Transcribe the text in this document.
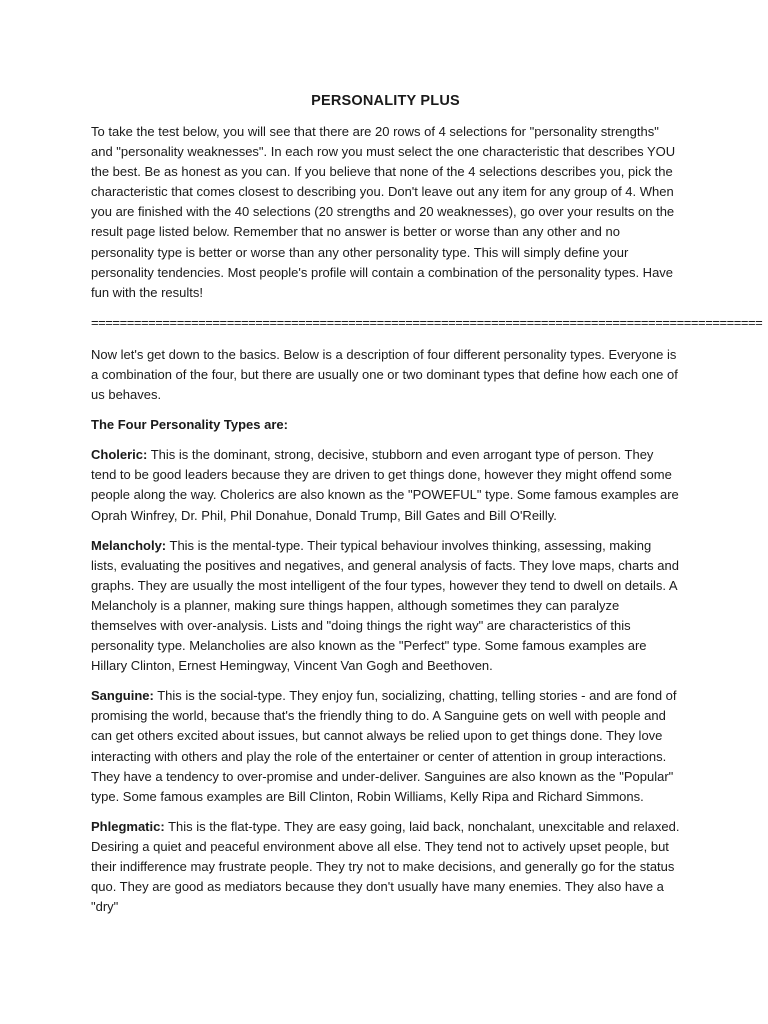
PERSONALITY PLUS

To take the test below, you will see that there are 20 rows of 4 selections for "personality strengths" and "personality weaknesses". In each row you must select the one characteristic that describes YOU the best. Be as honest as you can. If you believe that none of the 4 selections describes you, pick the characteristic that comes closest to describing you. Don't leave out any item for any group of 4. When you are finished with the 40 selections (20 strengths and 20 weaknesses), go over your results on the result page listed below. Remember that no answer is better or worse than any other and no personality type is better or worse than any other personality type. This will simply define your personality tendencies. Most people's profile will contain a combination of the personality types. Have fun with the results!

==============================================================================================

Now let's get down to the basics. Below is a description of four different personality types. Everyone is a combination of the four, but there are usually one or two dominant types that define how each one of us behaves.

The Four Personality Types are:

Choleric: This is the dominant, strong, decisive, stubborn and even arrogant type of person. They tend to be good leaders because they are driven to get things done, however they might offend some people along the way. Cholerics are also known as the "POWEFUL" type. Some famous examples are Oprah Winfrey, Dr. Phil, Phil Donahue, Donald Trump, Bill Gates and Bill O'Reilly.

Melancholy: This is the mental-type. Their typical behaviour involves thinking, assessing, making lists, evaluating the positives and negatives, and general analysis of facts. They love maps, charts and graphs. They are usually the most intelligent of the four types, however they tend to dwell on details. A Melancholy is a planner, making sure things happen, although sometimes they can paralyze themselves with over-analysis. Lists and "doing things the right way" are characteristics of this personality type. Melancholies are also known as the "Perfect" type. Some famous examples are Hillary Clinton, Ernest Hemingway, Vincent Van Gogh and Beethoven.

Sanguine: This is the social-type. They enjoy fun, socializing, chatting, telling stories - and are fond of promising the world, because that's the friendly thing to do. A Sanguine gets on well with people and can get others excited about issues, but cannot always be relied upon to get things done. They love interacting with others and play the role of the entertainer or center of attention in group interactions. They have a tendency to over-promise and under-deliver. Sanguines are also known as the "Popular" type. Some famous examples are Bill Clinton, Robin Williams, Kelly Ripa and Richard Simmons.

Phlegmatic: This is the flat-type. They are easy going, laid back, nonchalant, unexcitable and relaxed. Desiring a quiet and peaceful environment above all else. They tend not to actively upset people, but their indifference may frustrate people. They try not to make decisions, and generally go for the status quo. They are good as mediators because they don't usually have many enemies. They also have a "dry"
